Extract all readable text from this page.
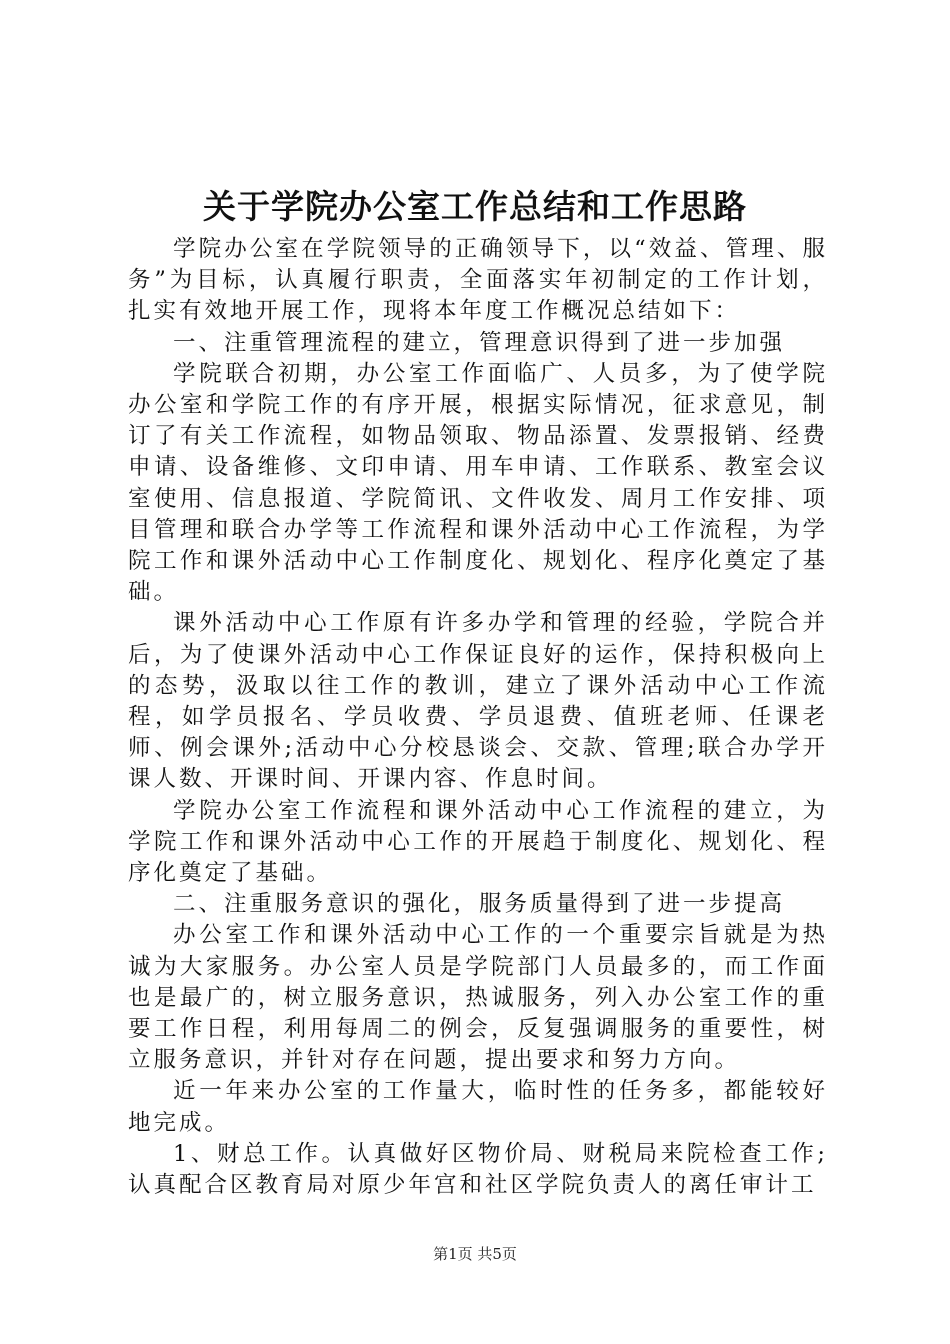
关于学院办公室工作总结和工作思路

学院办公室在学院领导的正确领导下，以“效益、管理、服务”为目标，认真履行职责，全面落实年初制定的工作计划，扎实有效地开展工作，现将本年度工作概况总结如下：

一、注重管理流程的建立，管理意识得到了进一步加强

学院联合初期，办公室工作面临广、人员多，为了使学院办公室和学院工作的有序开展，根据实际情况，征求意见，制订了有关工作流程，如物品领取、物品添置、发票报销、经费申请、设备维修、文印申请、用车申请、工作联系、教室会议室使用、信息报道、学院简讯、文件收发、周月工作安排、项目管理和联合办学等工作流程和课外活动中心工作流程，为学院工作和课外活动中心工作制度化、规划化、程序化奠定了基础。

课外活动中心工作原有许多办学和管理的经验，学院合并后，为了使课外活动中心工作保证良好的运作，保持积极向上的态势，汲取以往工作的教训，建立了课外活动中心工作流程，如学员报名、学员收费、学员退费、值班老师、任课老师、例会课外;活动中心分校恳谈会、交款、管理;联合办学开课人数、开课时间、开课内容、作息时间。

学院办公室工作流程和课外活动中心工作流程的建立，为学院工作和课外活动中心工作的开展趋于制度化、规划化、程序化奠定了基础。

二、注重服务意识的强化，服务质量得到了进一步提高

办公室工作和课外活动中心工作的一个重要宗旨就是为热诚为大家服务。办公室人员是学院部门人员最多的，而工作面也是最广的，树立服务意识，热诚服务，列入办公室工作的重要工作日程，利用每周二的例会，反复强调服务的重要性，树立服务意识，并针对存在问题，提出要求和努力方向。

近一年来办公室的工作量大，临时性的任务多，都能较好地完成。

1、财总工作。认真做好区物价局、财税局来院检查工作;认真配合区教育局对原少年宫和社区学院负责人的离任审计工

第1页 共5页
